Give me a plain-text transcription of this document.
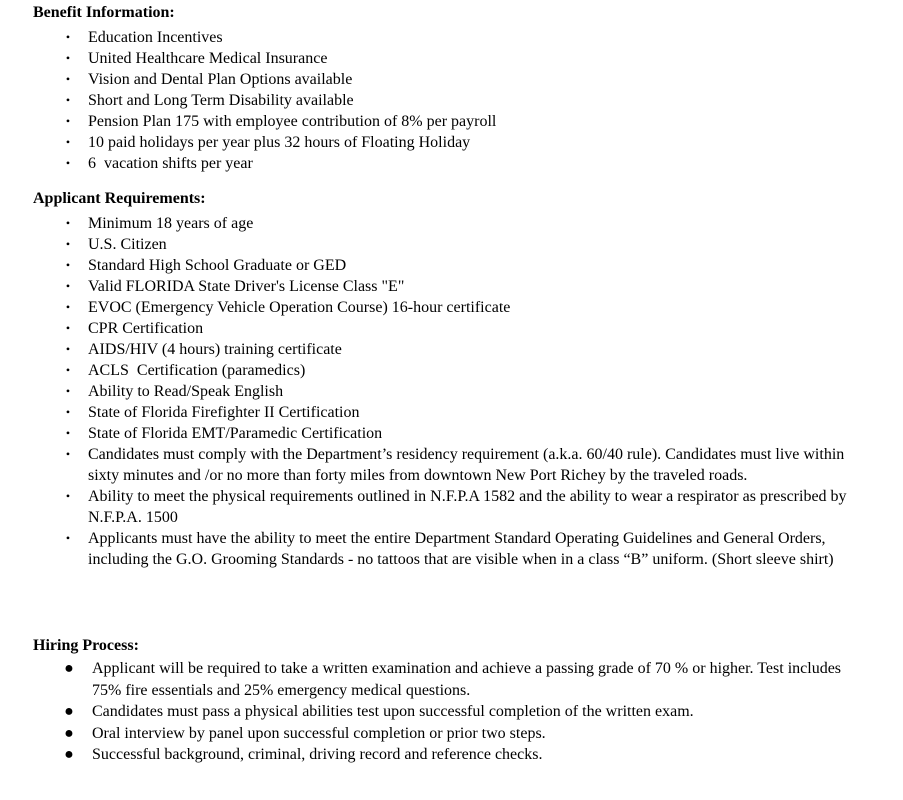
Benefit Information:
• Education Incentives
• United Healthcare Medical Insurance
• Vision and Dental Plan Options available
• Short and Long Term Disability available
• Pension Plan 175 with employee contribution of 8% per payroll
• 10 paid holidays per year plus 32 hours of Floating Holiday
• 6  vacation shifts per year
Applicant Requirements:
• Minimum 18 years of age
• U.S. Citizen
• Standard High School Graduate or GED
• Valid FLORIDA State Driver's License Class "E"
• EVOC (Emergency Vehicle Operation Course) 16-hour certificate
• CPR Certification
• AIDS/HIV (4 hours) training certificate
• ACLS  Certification (paramedics)
• Ability to Read/Speak English
• State of Florida Firefighter II Certification
• State of Florida EMT/Paramedic Certification
• Candidates must comply with the Department’s residency requirement (a.k.a. 60/40 rule). Candidates must live within sixty minutes and /or no more than forty miles from downtown New Port Richey by the traveled roads.
• Ability to meet the physical requirements outlined in N.F.P.A 1582 and the ability to wear a respirator as prescribed by N.F.P.A. 1500
• Applicants must have the ability to meet the entire Department Standard Operating Guidelines and General Orders, including the G.O. Grooming Standards - no tattoos that are visible when in a class “B” uniform. (Short sleeve shirt)
Hiring Process:
● Applicant will be required to take a written examination and achieve a passing grade of 70 % or higher. Test includes 75% fire essentials and 25% emergency medical questions.
● Candidates must pass a physical abilities test upon successful completion of the written exam.
● Oral interview by panel upon successful completion or prior two steps.
● Successful background, criminal, driving record and reference checks.
